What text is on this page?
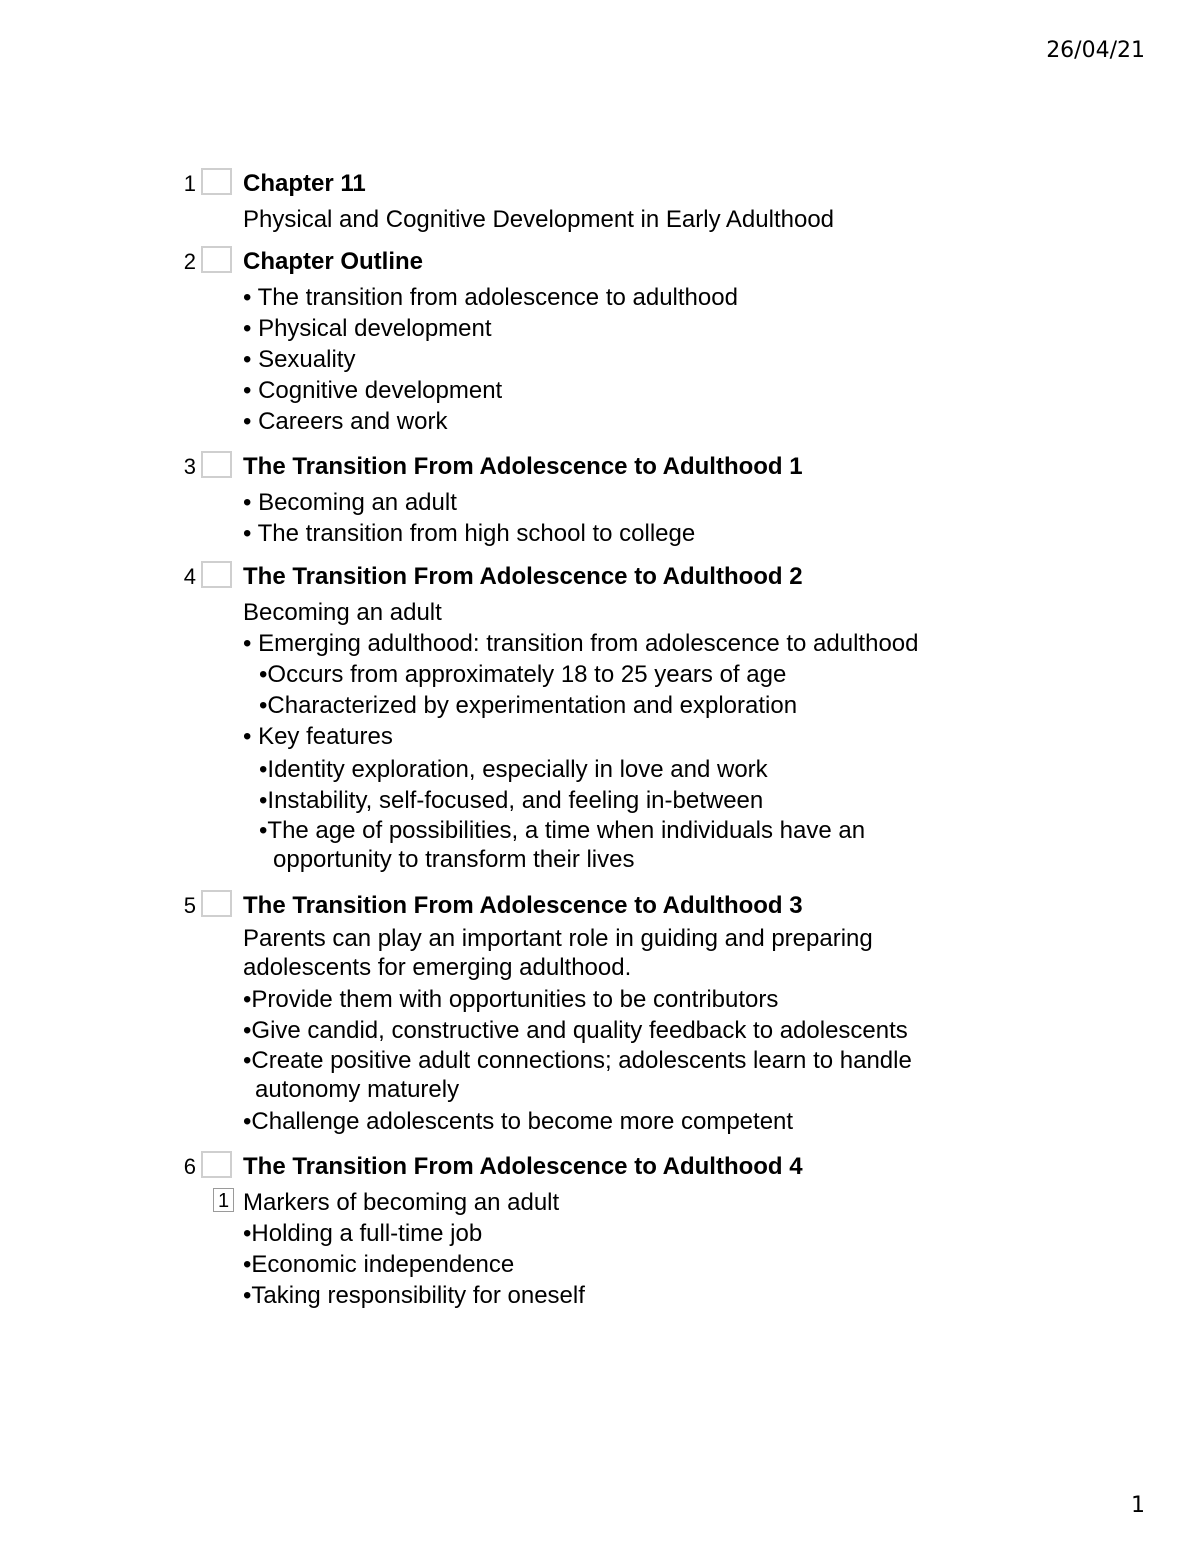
26/04/21
1 Chapter 11
Physical and Cognitive Development in Early Adulthood
2 Chapter Outline
• The transition from adolescence to adulthood
• Physical development
• Sexuality
• Cognitive development
• Careers and work
3 The Transition From Adolescence to Adulthood 1
• Becoming an adult
• The transition from high school to college
4 The Transition From Adolescence to Adulthood 2
Becoming an adult
• Emerging adulthood: transition from adolescence to adulthood
•Occurs from approximately 18 to 25 years of age
•Characterized by experimentation and exploration
• Key features
•Identity exploration, especially in love and work
•Instability, self-focused, and feeling in-between
•The age of possibilities, a time when individuals have an opportunity to transform their lives
5 The Transition From Adolescence to Adulthood 3
Parents can play an important role in guiding and preparing adolescents for emerging adulthood.
•Provide them with opportunities to be contributors
•Give candid, constructive and quality feedback to adolescents
•Create positive adult connections; adolescents learn to handle autonomy maturely
•Challenge adolescents to become more competent
6
1
The Transition From Adolescence to Adulthood 4
Markers of becoming an adult
•Holding a full-time job
•Economic independence
•Taking responsibility for oneself
1
